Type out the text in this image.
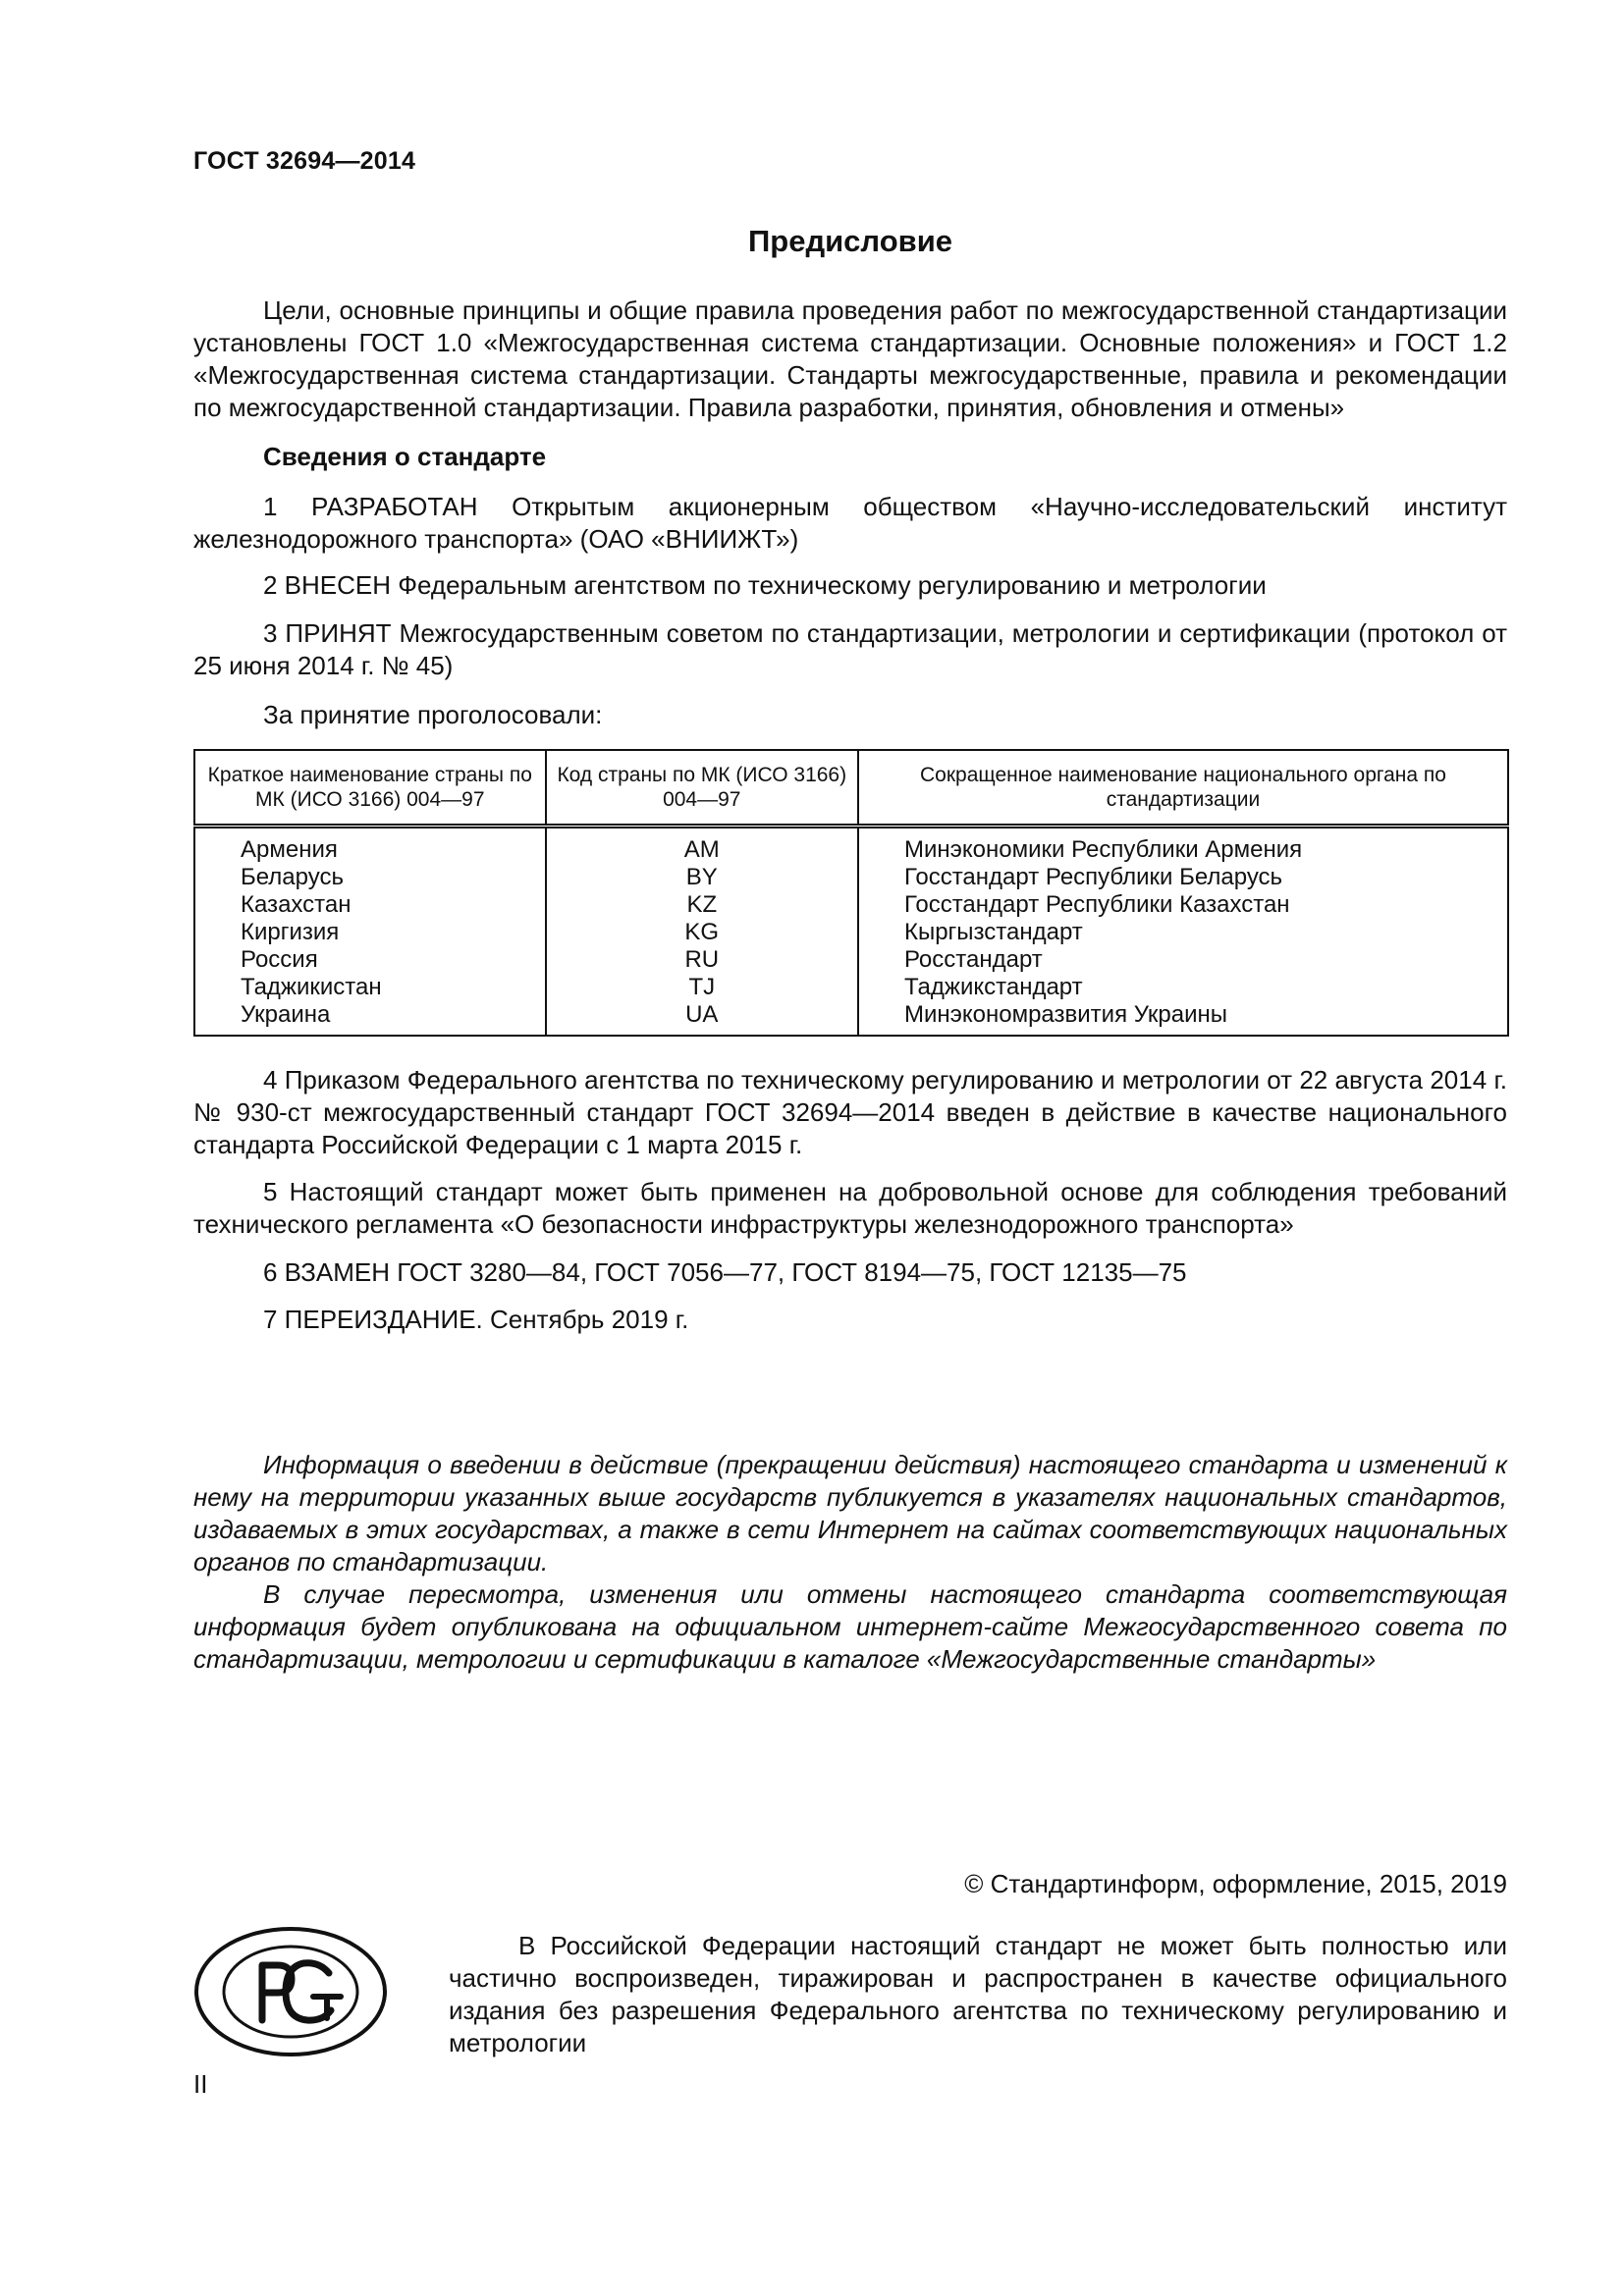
ГОСТ 32694—2014
Предисловие

Цели, основные принципы и общие правила проведения работ по межгосударственной стандартизации установлены ГОСТ 1.0 «Межгосударственная система стандартизации. Основные положения» и ГОСТ 1.2 «Межгосударственная система стандартизации. Стандарты межгосударственные, правила и рекомендации по межгосударственной стандартизации. Правила разработки, принятия, обновления и отмены»

Сведения о стандарте

1 РАЗРАБОТАН Открытым акционерным обществом «Научно-исследовательский институт железнодорожного транспорта» (ОАО «ВНИИЖТ»)

2 ВНЕСЕН Федеральным агентством по техническому регулированию и метрологии

3 ПРИНЯТ Межгосударственным советом по стандартизации, метрологии и сертификации (протокол от 25 июня 2014 г. № 45)

За принятие проголосовали:

Краткое наименование страны по МК (ИСО 3166) 004—97	Код страны по МК (ИСО 3166) 004—97	Сокращенное наименование национального органа по стандартизации
Армения	AM	Минэкономики Республики Армения
Беларусь	BY	Госстандарт Республики Беларусь
Казахстан	KZ	Госстандарт Республики Казахстан
Киргизия	KG	Кыргызстандарт
Россия	RU	Росстандарт
Таджикистан	TJ	Таджикстандарт
Украина	UA	Минэкономразвития Украины

4 Приказом Федерального агентства по техническому регулированию и метрологии от 22 августа 2014 г. № 930-ст межгосударственный стандарт ГОСТ 32694—2014 введен в действие в качестве национального стандарта Российской Федерации с 1 марта 2015 г.

5 Настоящий стандарт может быть применен на добровольной основе для соблюдения требований технического регламента «О безопасности инфраструктуры железнодорожного транспорта»

6 ВЗАМЕН ГОСТ 3280—84, ГОСТ 7056—77, ГОСТ 8194—75, ГОСТ 12135—75

7 ПЕРЕИЗДАНИЕ. Сентябрь 2019 г.

Информация о введении в действие (прекращении действия) настоящего стандарта и изменений к нему на территории указанных выше государств публикуется в указателях национальных стандартов, издаваемых в этих государствах, а также в сети Интернет на сайтах соответствующих национальных органов по стандартизации.

В случае пересмотра, изменения или отмены настоящего стандарта соответствующая информация будет опубликована на официальном интернет-сайте Межгосударственного совета по стандартизации, метрологии и сертификации в каталоге «Межгосударственные стандарты»

© Стандартинформ, оформление, 2015, 2019

В Российской Федерации настоящий стандарт не может быть полностью или частично воспроизведен, тиражирован и распространен в качестве официального издания без разрешения Федерального агентства по техническому регулированию и метрологии

II
